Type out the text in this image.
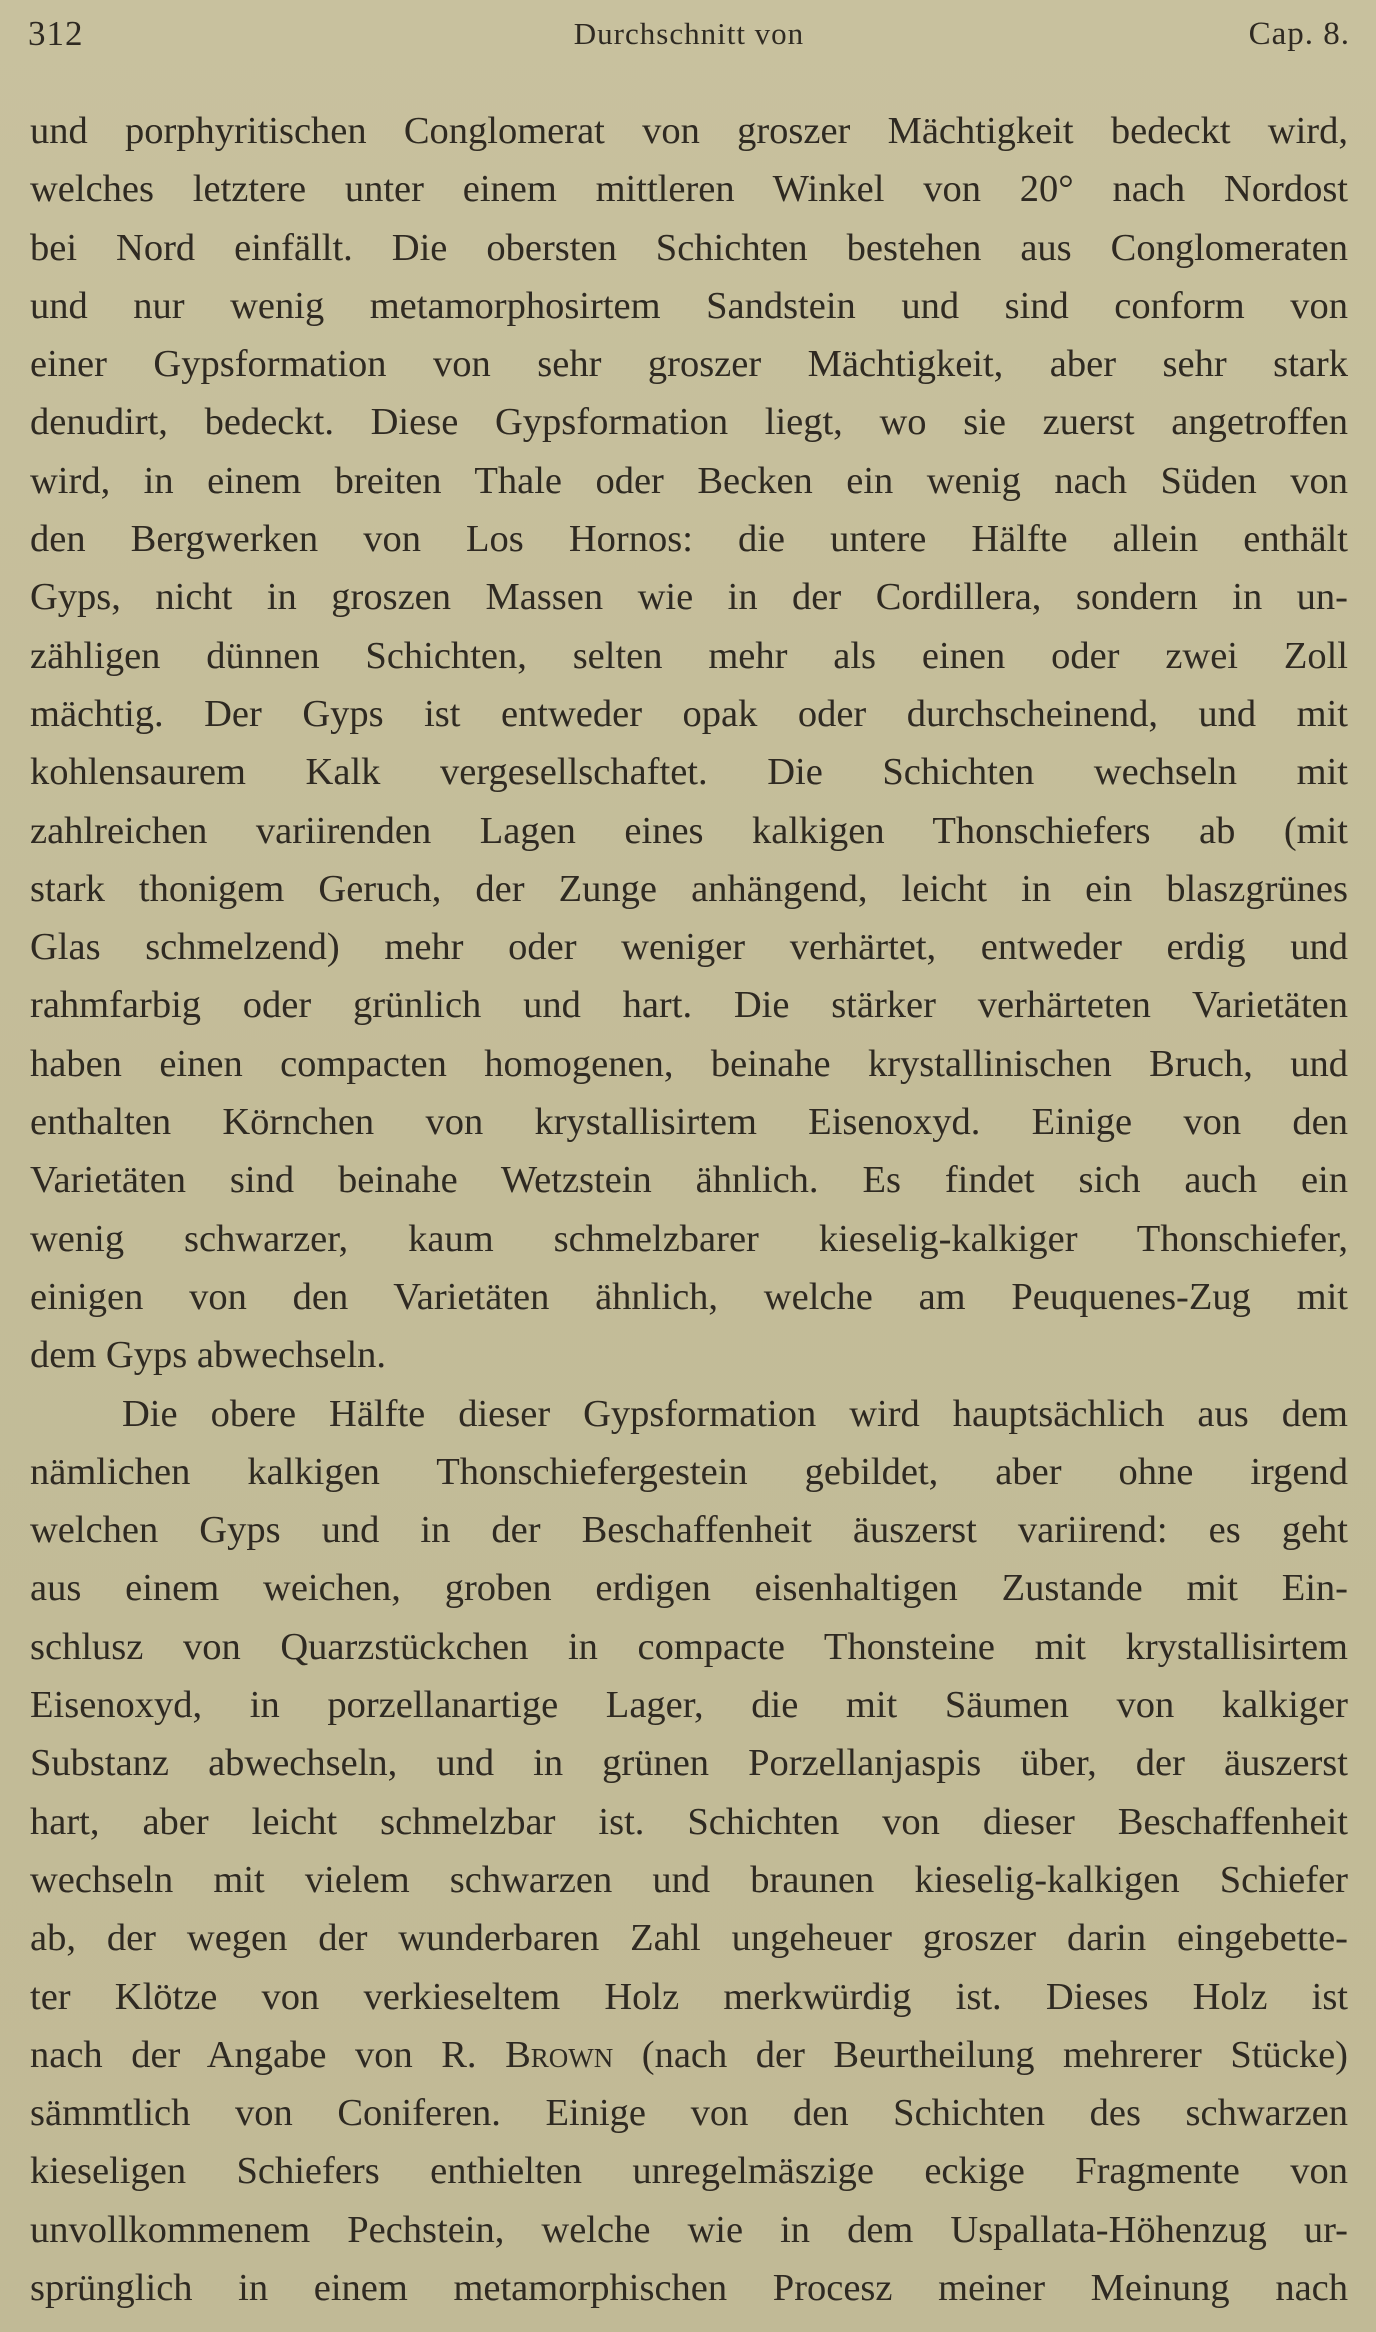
312	Durchschnitt von	Cap. 8.
und porphyritischen Conglomerat von groszer Mächtigkeit bedeckt wird,
welches letztere unter einem mittleren Winkel von 20° nach Nordost
bei Nord einfällt. Die obersten Schichten bestehen aus Conglomeraten
und nur wenig metamorphosirtem Sandstein und sind conform von
einer Gypsformation von sehr groszer Mächtigkeit, aber sehr stark
denudirt, bedeckt. Diese Gypsformation liegt, wo sie zuerst angetroffen
wird, in einem breiten Thale oder Becken ein wenig nach Süden von
den Bergwerken von Los Hornos: die untere Hälfte allein enthält
Gyps, nicht in groszen Massen wie in der Cordillera, sondern in un-
zähligen dünnen Schichten, selten mehr als einen oder zwei Zoll
mächtig. Der Gyps ist entweder opak oder durchscheinend, und mit
kohlensaurem Kalk vergesellschaftet. Die Schichten wechseln mit
zahlreichen variirenden Lagen eines kalkigen Thonschiefers ab (mit
stark thonigem Geruch, der Zunge anhängend, leicht in ein blaszgrünes
Glas schmelzend) mehr oder weniger verhärtet, entweder erdig und
rahmfarbig oder grünlich und hart. Die stärker verhärteten Varietäten
haben einen compacten homogenen, beinahe krystallinischen Bruch, und
enthalten Körnchen von krystallisirtem Eisenoxyd. Einige von den
Varietäten sind beinahe Wetzstein ähnlich. Es findet sich auch ein
wenig schwarzer, kaum schmelzbarer kieselig-kalkiger Thonschiefer,
einigen von den Varietäten ähnlich, welche am Peuquenes-Zug mit
dem Gyps abwechseln.
Die obere Hälfte dieser Gypsformation wird hauptsächlich aus dem
nämlichen kalkigen Thonschiefergestein gebildet, aber ohne irgend
welchen Gyps und in der Beschaffenheit äuszerst variirend: es geht
aus einem weichen, groben erdigen eisenhaltigen Zustande mit Ein-
schlusz von Quarzstückchen in compacte Thonsteine mit krystallisirtem
Eisenoxyd, in porzellanartige Lager, die mit Säumen von kalkiger
Substanz abwechseln, und in grünen Porzellanjaspis über, der äuszerst
hart, aber leicht schmelzbar ist. Schichten von dieser Beschaffenheit
wechseln mit vielem schwarzen und braunen kieselig-kalkigen Schiefer
ab, der wegen der wunderbaren Zahl ungeheuer groszer darin eingebette-
ter Klötze von verkieseltem Holz merkwürdig ist. Dieses Holz ist
nach der Angabe von R. Brown (nach der Beurtheilung mehrerer Stücke)
sämmtlich von Coniferen. Einige von den Schichten des schwarzen
kieseligen Schiefers enthielten unregelmäszige eckige Fragmente von
unvollkommenem Pechstein, welche wie in dem Uspallata-Höhenzug ur-
sprünglich in einem metamorphischen Procesz meiner Meinung nach
